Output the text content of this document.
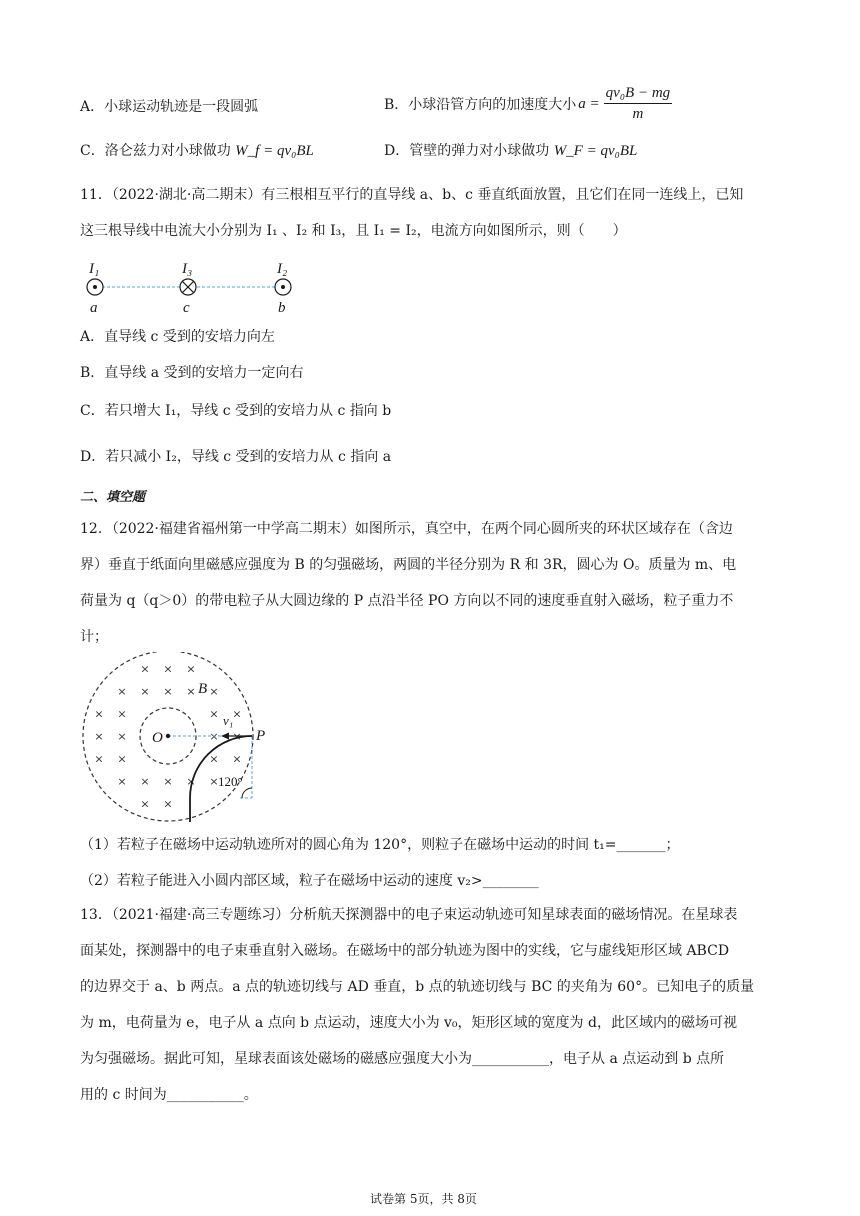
A．小球运动轨迹是一段圆弧	B．小球沿管方向的加速度大小 $a = \frac{\text{qv₀B − mg}}{m}$
C．洛仑兹力对小球做功 W_f = qv₀BL	D．管壁的弹力对小球做功 W_F = qv₀BL
11．（2022·湖北·高二期末）有三根相互平行的直导线 a、b、c 垂直纸面放置，且它们在同一连线上，已知
这三根导线中电流大小分别为 I₁ 、I₂ 和 I₃，且 I₁ = I₂，电流方向如图所示，则（　　）
I₁	I₃	I₂
a	c	b
A．直导线 c 受到的安培力向左
B．直导线 a 受到的安培力一定向右
C．若只增大 I₁，导线 c 受到的安培力从 c 指向 b
D．若只减小 I₂，导线 c 受到的安培力从 c 指向 a
二、填空题
12．（2022·福建省福州第一中学高二期末）如图所示，真空中，在两个同心圆所夹的环状区域存在（含边
界）垂直于纸面向里磁感应强度为 B 的匀强磁场，两圆的半径分别为 R 和 3R，圆心为 O。质量为 m、电
荷量为 q（q＞0）的带电粒子从大圆边缘的 P 点沿半径 PO 方向以不同的速度垂直射入磁场，粒子重力不
计；
× × ×
× × × × ×
× ×	× ×
× ×	× ×
× ×	× ×
× × × × ×
× ×
B
v₁
O	P
120°
（1）若粒子在磁场中运动轨迹所对的圆心角为 120°，则粒子在磁场中运动的时间 t₁=_______；
（2）若粒子能进入小圆内部区域，粒子在磁场中运动的速度 v₂>________
13．（2021·福建·高三专题练习）分析航天探测器中的电子束运动轨迹可知星球表面的磁场情况。在星球表
面某处，探测器中的电子束垂直射入磁场。在磁场中的部分轨迹为图中的实线，它与虚线矩形区域 ABCD
的边界交于 a、b 两点。a 点的轨迹切线与 AD 垂直，b 点的轨迹切线与 BC 的夹角为 60°。已知电子的质量
为 m，电荷量为 e，电子从 a 点向 b 点运动，速度大小为 v₀，矩形区域的宽度为 d，此区域内的磁场可视
为匀强磁场。据此可知，星球表面该处磁场的磁感应强度大小为___________，电子从 a 点运动到 b 点所
用的 c 时间为___________。
试卷第 5页，共 8页
